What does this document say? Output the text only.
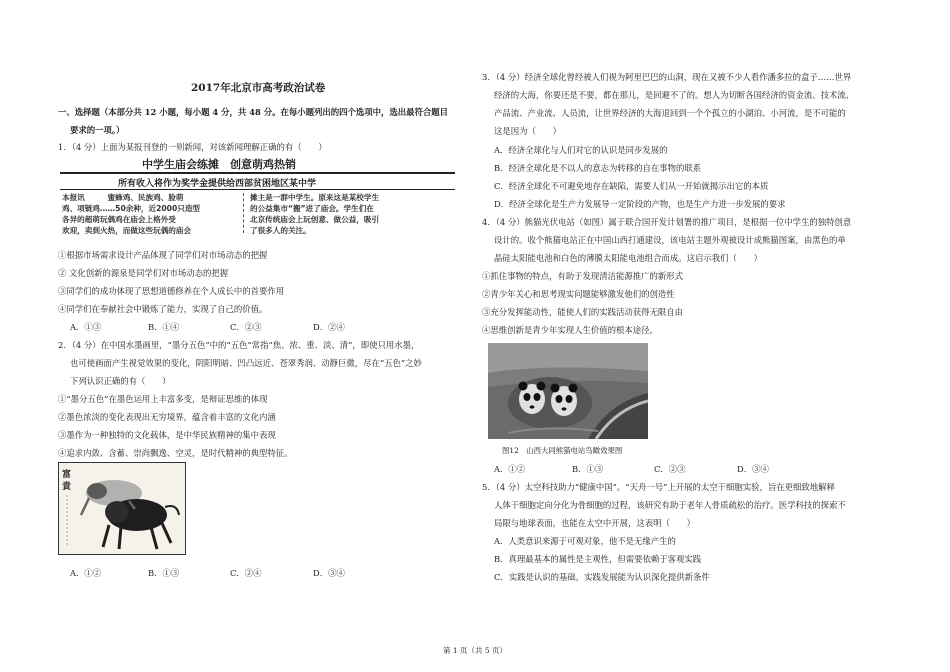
2017年北京市高考政治试卷
一、选择题（本部分共 12 小题，每小题 4 分，共 48 分。在每小题列出的四个选项中，选出最符合题目
要求的一项。）
1．（4 分）上面为某报刊登的一则新闻，对该新闻理解正确的有（　　）
中学生庙会练摊　创意萌鸡热销
所有收入将作为奖学金提供给西部贫困地区某中学
本报讯　　　蜜蜂鸡、民族鸡、脸萌
鸡、项链鸡……50余种，近2000只造型
各异的超萌玩偶鸡在庙会上格外受
欢迎，卖到火热，而做这些玩偶的庙会
摊主是一群中学生。原来这是某校学生
的公益集市“搬”进了庙会。学生们在
北京传统庙会上玩创意、做公益，吸引
了很多人的关注。
①根据市场需求设计产品体现了同学们对市场动态的把握
② 文化创新的源泉是同学们对市场动态的把握
③同学们的成功体现了思想道德修养在个人成长中的首要作用
④同学们在奉献社会中锻炼了能力，实现了自己的价值。
A．①③	B．①④	C．②③	D．②④
2．（4 分）在中国水墨画里，“墨分五色”中的“五色”常指“焦、浓、重、淡、清”，即使只用水墨，
也可使画面产生视觉效果的变化，阴阳明暗、凹凸远近、苍翠秀润、动静巨微，尽在“五色”之妙
下列认识正确的有（　　）
①“墨分五色”在墨色运用上丰富多变，是辩证思维的体现
②墨色浓淡的变化表现出无穷境界，蕴含着丰富的文化内涵
③墨作为一种独特的文化载体，是中华民族精神的集中表现
④追求内敛、含蓄、崇尚飘逸、空灵，是时代精神的典型特征。
A．①②	B．①③	C．②④	D．③④
富
貴
3．（4 分）经济全球化曾经被人们视为阿里巴巴的山洞，现在又被不少人看作潘多拉的盒子……世界
经济的大海，你要还是不要，都在那儿，是回避不了的。想人为切断各国经济的资金流、技术流、
产品流、产业流、人员流，让世界经济的大海退回到一个个孤立的小湖泊、小河流，是不可能的
这是因为（　　）
A．经济全球化与人们对它的认识是同步发展的
B．经济全球化是不以人的意志为转移的自在事物的联系
C．经济全球化不可避免地存在缺陷，需要人们从一开始就揭示出它的本质
D．经济全球化是生产力发展导一定阶段的产物，也是生产力进一步发展的要求
4．（4 分）熊猫光伏电站（如图）属于联合国开发计划署的推广项目，是根据一位中学生的独特创意
设计的。收个熊猫电站正在中国山西打通建设，该电站主题外观被设计成熊猫图案，由黑色的单
晶硅太阳能电池和白色的薄膜太阳能电池组合而成。这启示我们（　　）
①抓住事物的特点，有助于发现清洁能源推广的新形式
②青少年关心和思考现实问题能够激发他们的创造性
③充分发挥能动性，能使人们的实践活动获得无限自由
④思维创新是青少年实现人生价值的根本途径。
图12　山西大同熊猫电站鸟瞰效果图
A．①②	B．①③	C．②③	D．③④
5．（4 分）太空科技助力“健康中国”。“天舟一号”上开展的太空干细胞实验，旨在更细致地解释
人体干细胞定向分化为骨细胞的过程，该研究有助于老年人骨质疏松的治疗。医学科技的探索不
局限与地球表面，也能在太空中开展，这表明（　　）
A．人类意识来源于可观对象，他不是无缘产生的
B．真理最基本的属性是主观性，但需要依赖于客观实践
C．实践是认识的基础，实践发展能为认识深化提供新条件
第 1 页（共 5 页）
